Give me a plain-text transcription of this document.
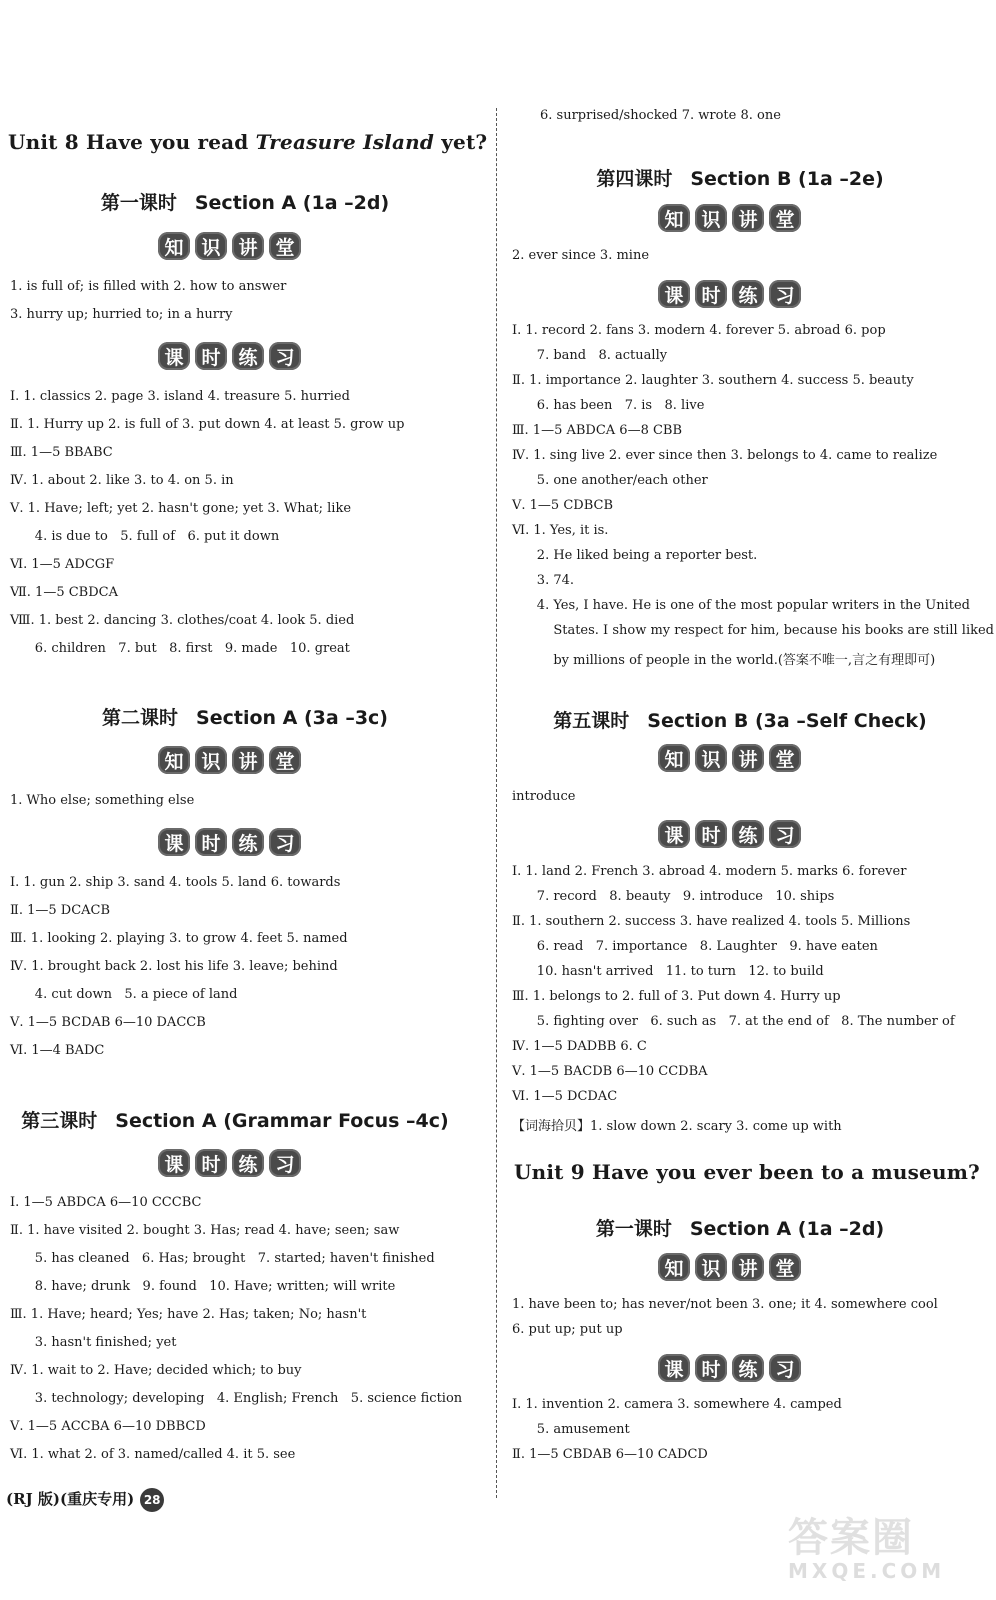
Unit 8 Have you read Treasure Island yet?
第一课时 Section A (1a –2d)
知 识 讲 堂
1. is full of; is filled with 2. how to answer
3. hurry up; hurried to; in a hurry
课 时 练 习
Ⅰ. 1. classics 2. page 3. island 4. treasure 5. hurried
Ⅱ. 1. Hurry up 2. is full of 3. put down 4. at least 5. grow up
Ⅲ. 1—5 BBABC
Ⅳ. 1. about 2. like 3. to 4. on 5. in
Ⅴ. 1. Have; left; yet 2. hasn't gone; yet 3. What; like
4. is due to   5. full of   6. put it down
Ⅵ. 1—5 ADCGF
Ⅶ. 1—5 CBDCA
Ⅷ. 1. best 2. dancing 3. clothes/coat 4. look 5. died
6. children   7. but   8. first   9. made   10. great
第二课时 Section A (3a –3c)
知 识 讲 堂
1. Who else; something else
课 时 练 习
Ⅰ. 1. gun 2. ship 3. sand 4. tools 5. land 6. towards
Ⅱ. 1—5 DCACB
Ⅲ. 1. looking 2. playing 3. to grow 4. feet 5. named
Ⅳ. 1. brought back 2. lost his life 3. leave; behind
4. cut down   5. a piece of land
Ⅴ. 1—5 BCDAB 6—10 DACCB
Ⅵ. 1—4 BADC
第三课时 Section A (Grammar Focus –4c)
课 时 练 习
Ⅰ. 1—5 ABDCA 6—10 CCCBC
Ⅱ. 1. have visited 2. bought 3. Has; read 4. have; seen; saw
5. has cleaned   6. Has; brought   7. started; haven't finished
8. have; drunk   9. found   10. Have; written; will write
Ⅲ. 1. Have; heard; Yes; have 2. Has; taken; No; hasn't
3. hasn't finished; yet
Ⅳ. 1. wait to 2. Have; decided which; to buy
3. technology; developing   4. English; French   5. science fiction
Ⅴ. 1—5 ACCBA 6—10 DBBCD
Ⅵ. 1. what 2. of 3. named/called 4. it 5. see
(RJ 版)(重庆专用) 28
6. surprised/shocked 7. wrote 8. one
第四课时 Section B (1a –2e)
知 识 讲 堂
2. ever since 3. mine
课 时 练 习
Ⅰ. 1. record 2. fans 3. modern 4. forever 5. abroad 6. pop
7. band   8. actually
Ⅱ. 1. importance 2. laughter 3. southern 4. success 5. beauty
6. has been   7. is   8. live
Ⅲ. 1—5 ABDCA 6—8 CBB
Ⅳ. 1. sing live 2. ever since then 3. belongs to 4. came to realize
5. one another/each other
Ⅴ. 1—5 CDBCB
Ⅵ. 1. Yes, it is.
2. He liked being a reporter best.
3. 74.
4. Yes, I have. He is one of the most popular writers in the United
States. I show my respect for him, because his books are still liked
by millions of people in the world.(答案不唯一,言之有理即可)
第五课时 Section B (3a –Self Check)
知 识 讲 堂
introduce
课 时 练 习
Ⅰ. 1. land 2. French 3. abroad 4. modern 5. marks 6. forever
7. record   8. beauty   9. introduce   10. ships
Ⅱ. 1. southern 2. success 3. have realized 4. tools 5. Millions
6. read   7. importance   8. Laughter   9. have eaten
10. hasn't arrived   11. to turn   12. to build
Ⅲ. 1. belongs to 2. full of 3. Put down 4. Hurry up
5. fighting over   6. such as   7. at the end of   8. The number of
Ⅳ. 1—5 DADBB 6. C
Ⅴ. 1—5 BACDB 6—10 CCDBA
Ⅵ. 1—5 DCDAC
【词海拾贝】1. slow down 2. scary 3. come up with
Unit 9 Have you ever been to a museum?
第一课时 Section A (1a –2d)
知 识 讲 堂
1. have been to; has never/not been 3. one; it 4. somewhere cool
6. put up; put up
课 时 练 习
Ⅰ. 1. invention 2. camera 3. somewhere 4. camped
5. amusement
Ⅱ. 1—5 CBDAB 6—10 CADCD
答案圈
MXQE.COM
